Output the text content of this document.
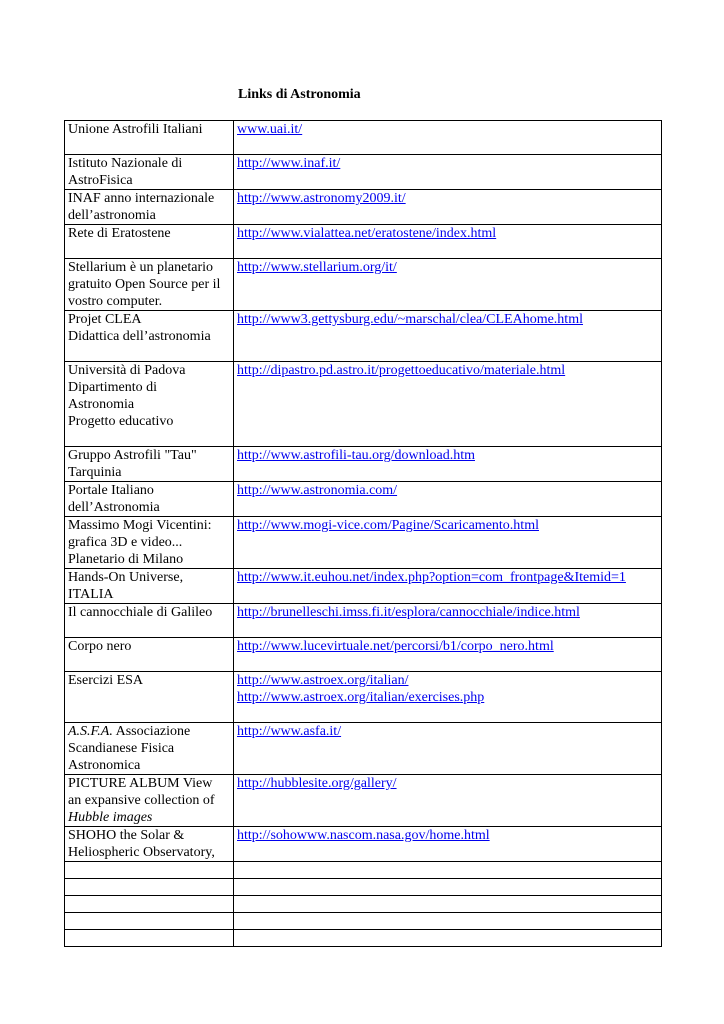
Links di Astronomia
Unione Astrofili Italiani	www.uai.it/

Istituto Nazionale di
AstroFisica	http://www.inaf.it/

INAF anno internazionale
dell’astronomia	http://www.astronomy2009.it/

Rete di Eratostene	http://www.vialattea.net/eratostene/index.html

Stellarium è un planetario
gratuito Open Source per il
vostro computer.	http://www.stellarium.org/it/

Projet CLEA
Didattica dell’astronomia	http://www3.gettysburg.edu/~marschal/clea/CLEAhome.html

Università di Padova
Dipartimento di
Astronomia
Progetto educativo	http://dipastro.pd.astro.it/progettoeducativo/materiale.html

Gruppo Astrofili "Tau"
Tarquinia	http://www.astrofili-tau.org/download.htm

Portale Italiano
dell’Astronomia	http://www.astronomia.com/

Massimo Mogi Vicentini:
grafica 3D e video...
Planetario di Milano	http://www.mogi-vice.com/Pagine/Scaricamento.html

Hands-On Universe,
ITALIA	http://www.it.euhou.net/index.php?option=com_frontpage&Itemid=1

Il cannocchiale di Galileo	http://brunelleschi.imss.fi.it/esplora/cannocchiale/indice.html

Corpo nero	http://www.lucevirtuale.net/percorsi/b1/corpo_nero.html

Esercizi ESA	http://www.astroex.org/italian/
http://www.astroex.org/italian/exercises.php

A.S.F.A. Associazione
Scandianese Fisica
Astronomica	http://www.asfa.it/

PICTURE ALBUM View
an expansive collection of
Hubble images	http://hubblesite.org/gallery/

SHOHO the Solar &
Heliospheric Observatory,	http://sohowww.nascom.nasa.gov/home.html
